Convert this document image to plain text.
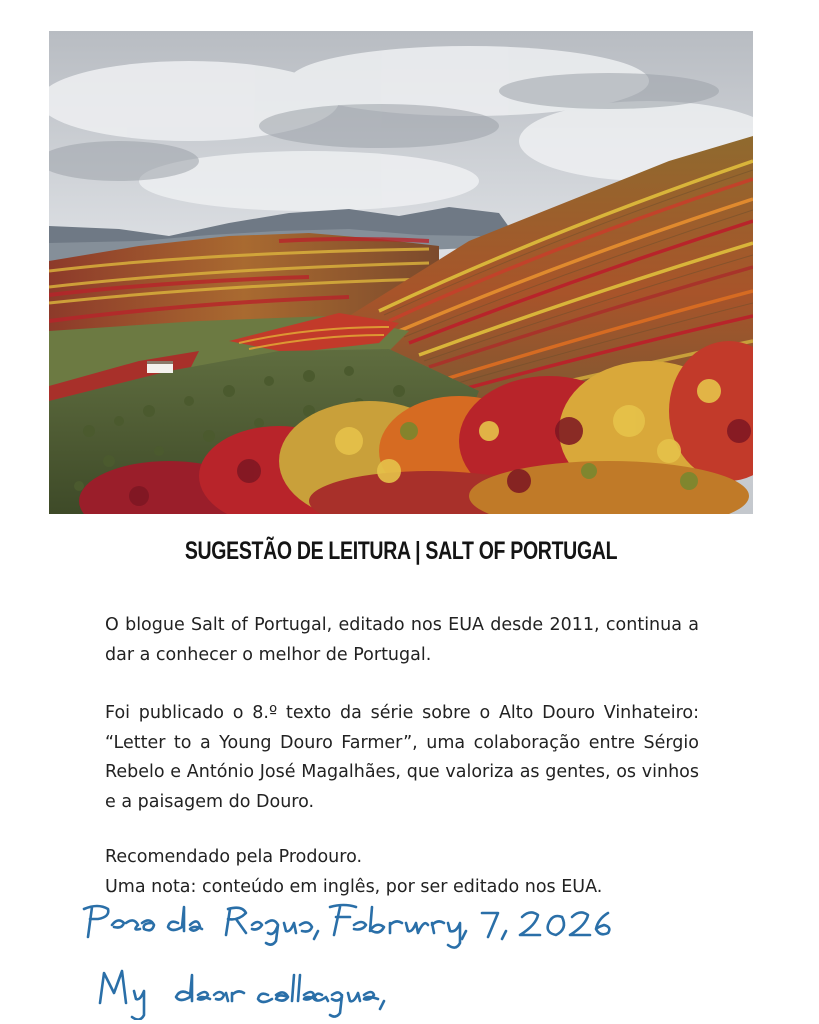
SUGESTÃO DE LEITURA | SALT OF PORTUGAL

O blogue Salt of Portugal, editado nos EUA desde 2011, continua a dar a conhecer o melhor de Portugal.

Foi publicado o 8.º texto da série sobre o Alto Douro Vinhateiro: “Letter to a Young Douro Farmer”, uma colaboração entre Sérgio Rebelo e António José Magalhães, que valoriza as gentes, os vinhos e a paisagem do Douro.

Recomendado pela Prodouro.

Uma nota: conteúdo em inglês, por ser editado nos EUA.
